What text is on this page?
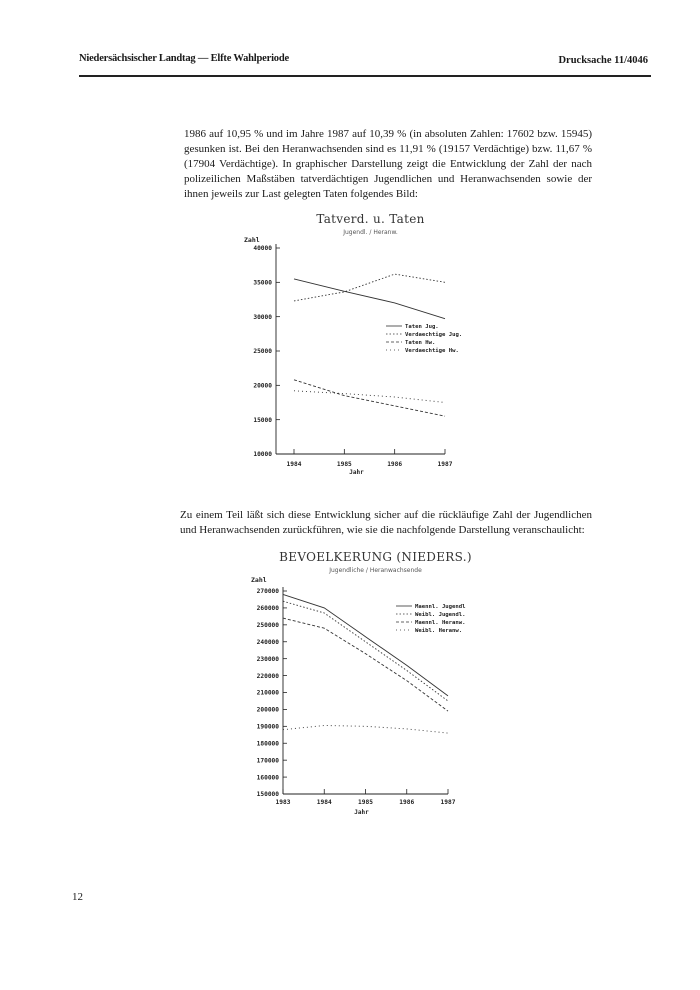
Niedersächsischer Landtag — Elfte Wahlperiode	Drucksache 11/4046

1986 auf 10,95 % und im Jahre 1987 auf 10,39 % (in absoluten Zahlen: 17602 bzw. 15945) gesunken ist. Bei den Heranwachsenden sind es 11,91 % (19157 Verdächtige) bzw. 11,67 % (17904 Verdächtige). In graphischer Darstellung zeigt die Entwicklung der Zahl der nach polizeilichen Maßstäben tatverdächtigen Jugendlichen und Heranwachsenden sowie der ihnen jeweils zur Last gelegten Taten folgendes Bild:

Tatverd. u. Taten
Jugendl. / Heranw.
Zahl
Jahr
40000
35000
30000
25000
20000
15000
10000
1984	1985	1986	1987
Taten Jug.
Verdaechtige Jug.
Taten Hw.
Verdaechtige Hw.

Zu einem Teil läßt sich diese Entwicklung sicher auf die rückläufige Zahl der Jugendlichen und Heranwachsenden zurückführen, wie sie die nachfolgende Darstellung veranschaulicht:

BEVOELKERUNG (NIEDERS.)
Jugendliche / Heranwachsende
Zahl
Jahr
270000
260000
250000
240000
230000
220000
210000
200000
190000
180000
170000
160000
150000
1983	1984	1985	1986	1987
Maennl. Jugendl
Weibl. Jugendl.
Maennl. Heranw.
Weibl. Heranw.
12
